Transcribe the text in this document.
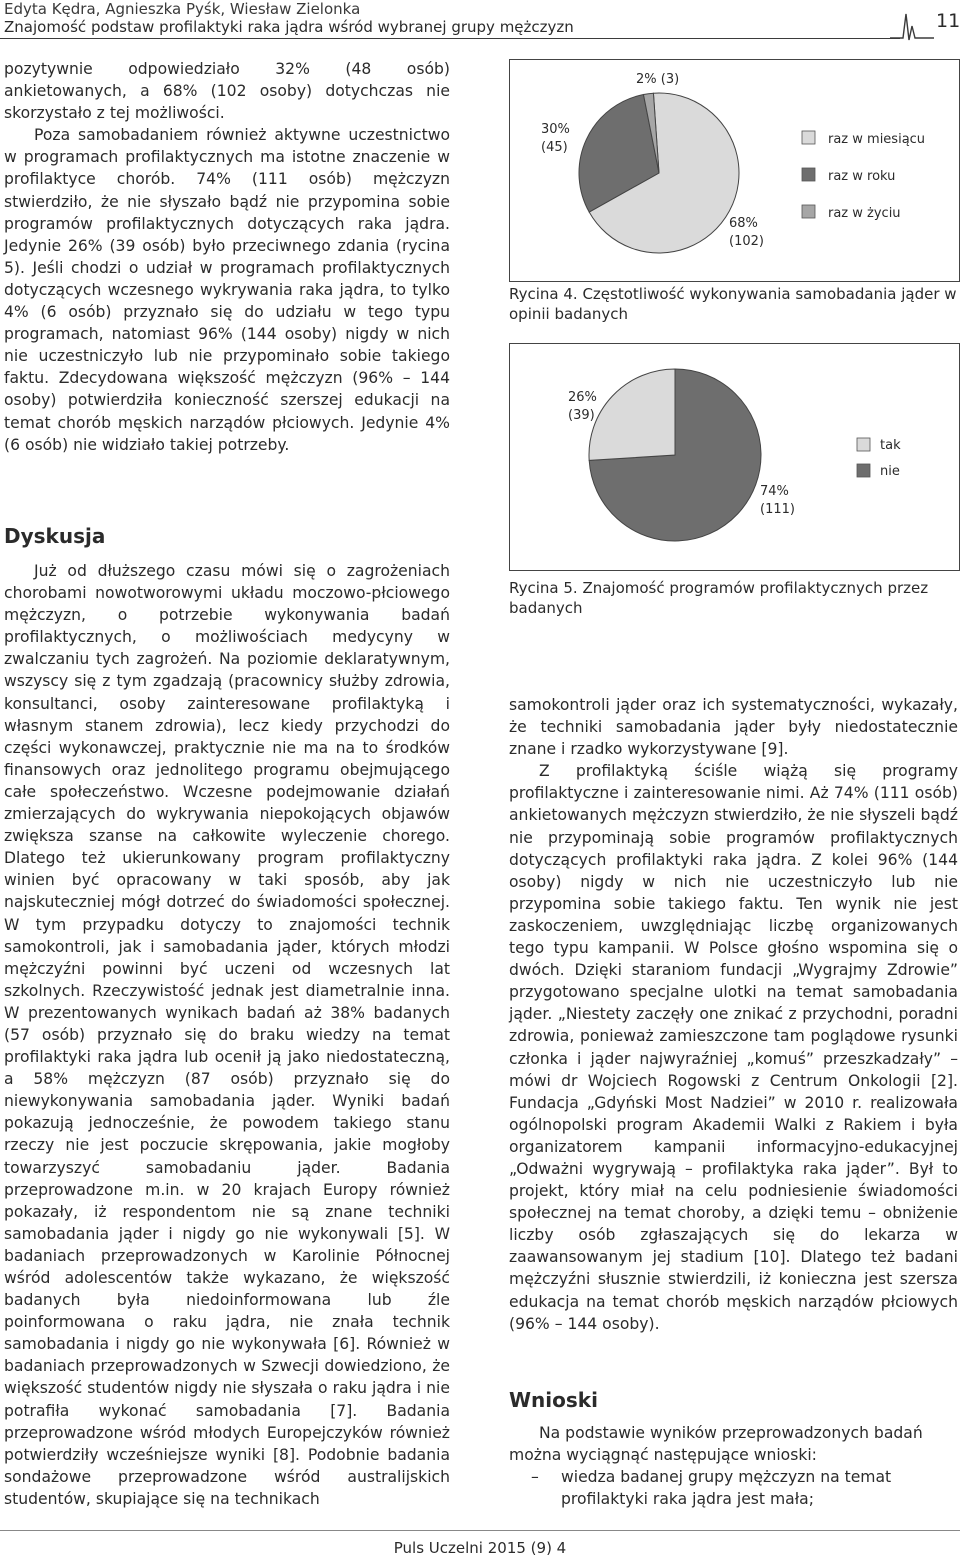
Edyta Kędra, Agnieszka Pyśk, Wiesław Zielonka
Znajomość podstaw profilaktyki raka jądra wśród wybranej grupy mężczyzn	11

pozytywnie odpowiedziało 32% (48 osób) ankietowanych, a 68% (102 osoby) dotychczas nie skorzystało z tej możliwości.

Poza samobadaniem również aktywne uczestnictwo w programach profilaktycznych ma istotne znaczenie w profilaktyce chorób. 74% (111 osób) mężczyzn stwierdziło, że nie słyszało bądź nie przypomina sobie programów profilaktycznych dotyczących raka jądra. Jedynie 26% (39 osób) było przeciwnego zdania (rycina 5). Jeśli chodzi o udział w programach profilaktycznych dotyczących wczesnego wykrywania raka jądra, to tylko 4% (6 osób) przyznało się do udziału w tego typu programach, natomiast 96% (144 osoby) nigdy w nich nie uczestniczyło lub nie przypominało sobie takiego faktu. Zdecydowana większość mężczyzn (96% – 144 osoby) potwierdziła konieczność szerszej edukacji na temat chorób męskich narządów płciowych. Jedynie 4% (6 osób) nie widziało takiej potrzeby.

Dyskusja

Już od dłuższego czasu mówi się o zagrożeniach chorobami nowotworowymi układu moczowo-płciowego mężczyzn, o potrzebie wykonywania badań profilaktycznych, o możliwościach medycyny w zwalczaniu tych zagrożeń. Na poziomie deklaratywnym, wszyscy się z tym zgadzają (pracownicy służby zdrowia, konsultanci, osoby zainteresowane profilaktyką i własnym stanem zdrowia), lecz kiedy przychodzi do części wykonawczej, praktycznie nie ma na to środków finansowych oraz jednolitego programu obejmującego całe społeczeństwo. Wczesne podejmowanie działań zmierzających do wykrywania niepokojących objawów zwiększa szanse na całkowite wyleczenie chorego. Dlatego też ukierunkowany program profilaktyczny winien być opracowany w taki sposób, aby jak najskuteczniej mógł dotrzeć do świadomości społecznej. W tym przypadku dotyczy to znajomości technik samokontroli, jak i samobadania jąder, których młodzi mężczyźni powinni być uczeni od wczesnych lat szkolnych. Rzeczywistość jednak jest diametralnie inna. W prezentowanych wynikach badań aż 38% badanych (57 osób) przyznało się do braku wiedzy na temat profilaktyki raka jądra lub ocenił ją jako niedostateczną, a 58% mężczyzn (87 osób) przyznało się do niewykonywania samobadania jąder. Wyniki badań pokazują jednocześnie, że powodem takiego stanu rzeczy nie jest poczucie skrępowania, jakie mogłoby towarzyszyć samobadaniu jąder. Badania przeprowadzone m.in. w 20 krajach Europy również pokazały, iż respondentom nie są znane techniki samobadania jąder i nigdy go nie wykonywali [5]. W badaniach przeprowadzonych w Karolinie Północnej wśród adolescentów także wykazano, że większość badanych była niedoinformowana lub źle poinformowana o raku jądra, nie znała technik samobadania i nigdy go nie wykonywała [6]. Również w badaniach przeprowadzonych w Szwecji dowiedziono, że większość studentów nigdy nie słyszała o raku jądra i nie potrafiła wykonać samobadania [7]. Badania przeprowadzone wśród młodych Europejczyków również potwierdziły wcześniejsze wyniki [8]. Podobnie badania sondażowe przeprowadzone wśród australijskich studentów, skupiające się na technikach

30%
(45)
2% (3)
68%
(102)
raz w miesiącu
raz w roku
raz w życiu
Rycina 4. Częstotliwość wykonywania samobadania jąder w opinii badanych
26%
(39)
74%
(111)
tak
nie
Rycina 5. Znajomość programów profilaktycznych przez badanych

samokontroli jąder oraz ich systematyczności, wykazały, że techniki samobadania jąder były niedostatecznie znane i rzadko wykorzystywane [9].

Z profilaktyką ściśle wiążą się programy profilaktyczne i zainteresowanie nimi. Aż 74% (111 osób) ankietowanych mężczyzn stwierdziło, że nie słyszeli bądź nie przypominają sobie programów profilaktycznych dotyczących profilaktyki raka jądra. Z kolei 96% (144 osoby) nigdy w nich nie uczestniczyło lub nie przypomina sobie takiego faktu. Ten wynik nie jest zaskoczeniem, uwzględniając liczbę organizowanych tego typu kampanii. W Polsce głośno wspomina się o dwóch. Dzięki staraniom fundacji „Wygrajmy Zdrowie” przygotowano specjalne ulotki na temat samobadania jąder. „Niestety zaczęły one znikać z przychodni, poradni zdrowia, ponieważ zamieszczone tam poglądowe rysunki członka i jąder najwyraźniej „komuś” przeszkadzały” – mówi dr Wojciech Rogowski z Centrum Onkologii [2]. Fundacja „Gdyński Most Nadziei” w 2010 r. realizowała ogólnopolski program Akademii Walki z Rakiem i była organizatorem kampanii informacyjno-edukacyjnej „Odważni wygrywają – profilaktyka raka jąder”. Był to projekt, który miał na celu podniesienie świadomości społecznej na temat choroby, a dzięki temu – obniżenie liczby osób zgłaszających się do lekarza w zaawansowanym jej stadium [10]. Dlatego też badani mężczyźni słusznie stwierdzili, iż konieczna jest szersza edukacja na temat chorób męskich narządów płciowych (96% – 144 osoby).

Wnioski

Na podstawie wyników przeprowadzonych badań można wyciągnąć następujące wnioski:

– wiedza badanej grupy mężczyzn na temat profilaktyki raka jądra jest mała;
Puls Uczelni 2015 (9) 4
